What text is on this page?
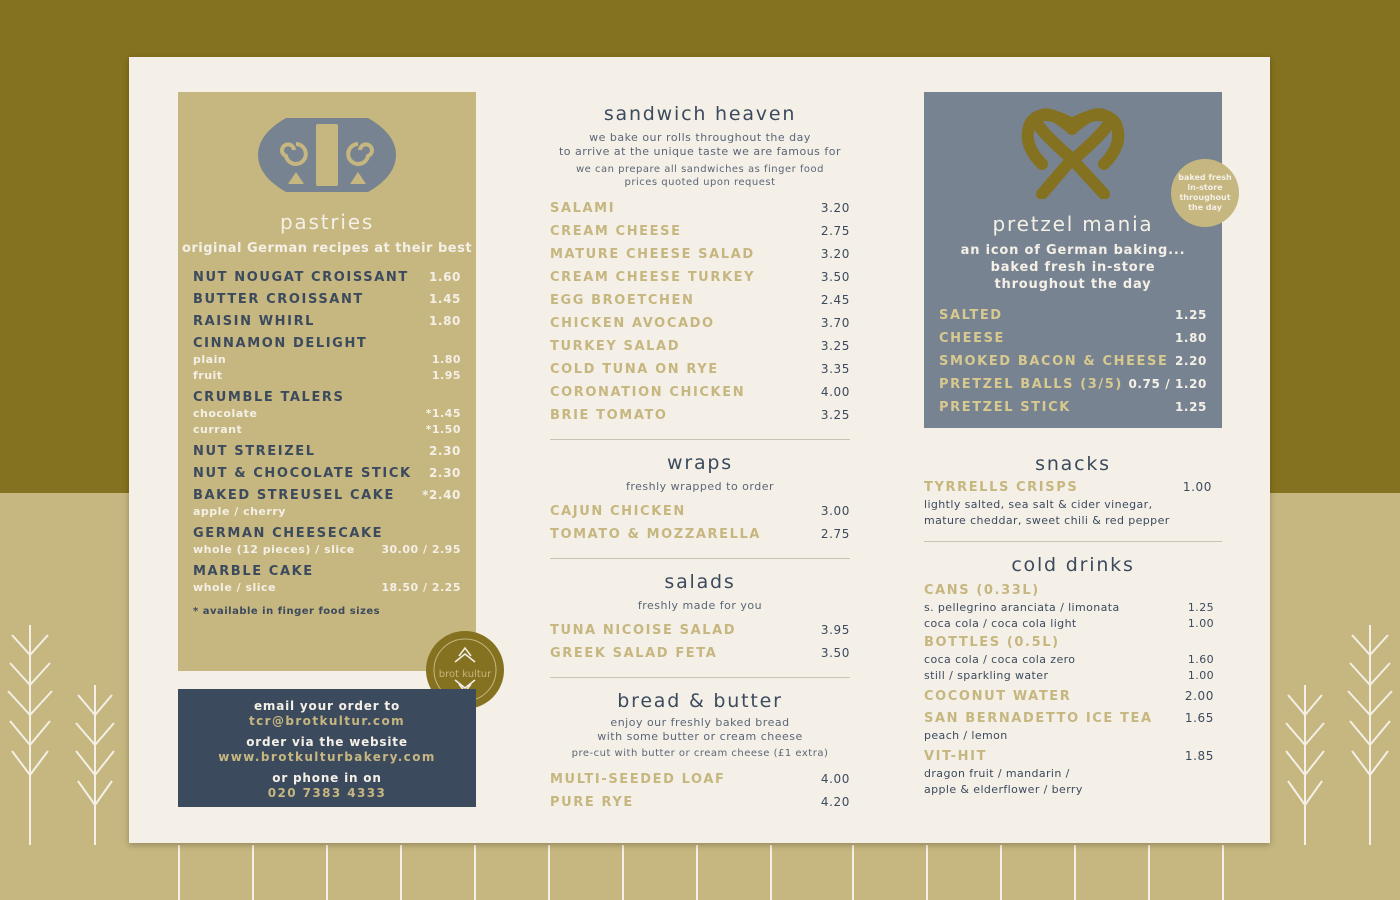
pastries
original German recipes at their best
NUT NOUGAT CROISSANT 1.60
BUTTER CROISSANT	1.45
RAISIN WHIRL	1.80
CINNAMON DELIGHT
plain	1.80
fruit	1.95
CRUMBLE TALERS
chocolate	*1.45
currant	*1.50
NUT STREIZEL	2.30
NUT & CHOCOLATE STICK 2.30
BAKED STREUSEL CAKE *2.40
apple / cherry
GERMAN CHEESECAKE
whole (12 pieces) / slice 30.00 / 2.95
MARBLE CAKE
whole / slice	18.50 / 2.25
* available in finger food sizes
brot kultur
email your order to
tcr@brotkultur.com
order via the website
www.brotkulturbakery.com
or phone in on
020 7383 4333
sandwich heaven
we bake our rolls throughout the day
to arrive at the unique taste we are famous for
we can prepare all sandwiches as finger food
prices quoted upon request
SALAMI	3.20
CREAM CHEESE	2.75
MATURE CHEESE SALAD	3.20
CREAM CHEESE TURKEY	3.50
EGG BROETCHEN	2.45
CHICKEN AVOCADO	3.70
TURKEY SALAD	3.25
COLD TUNA ON RYE	3.35
CORONATION CHICKEN	4.00
BRIE TOMATO	3.25
wraps
freshly wrapped to order
CAJUN CHICKEN	3.00
TOMATO & MOZZARELLA	2.75
salads
freshly made for you
TUNA NICOISE SALAD	3.95
GREEK SALAD FETA	3.50
bread & butter
enjoy our freshly baked bread
with some butter or cream cheese
pre-cut with butter or cream cheese (£1 extra)
MULTI-SEEDED LOAF	4.00
PURE RYE	4.20
pretzel mania
an icon of German baking...
baked fresh in-store
throughout the day
SALTED	1.25
CHEESE	1.80
SMOKED BACON & CHEESE 2.20
PRETZEL BALLS (3/5) 0.75 / 1.20
PRETZEL STICK	1.25
baked fresh in-store throughout the day
snacks
TYRRELLS CRISPS	1.00
lightly salted, sea salt & cider vinegar,
mature cheddar, sweet chili & red pepper
cold drinks
CANS (0.33L)
s. pellegrino aranciata / limonata	1.25
coca cola / coca cola light	1.00
BOTTLES (0.5L)
coca cola / coca cola zero	1.60
still / sparkling water	1.00
COCONUT WATER	2.00
SAN BERNADETTO ICE TEA	1.65
peach / lemon
VIT-HIT	1.85
dragon fruit / mandarin /
apple & elderflower / berry
